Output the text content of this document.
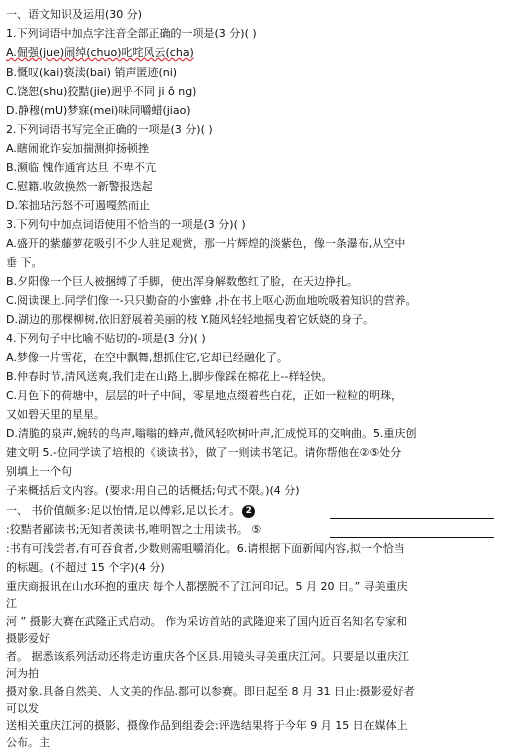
一、语文知识及运用(30 分)
1.下列词语中加点字注音全部正确的一项是(3 分)( )
A.倔强(jue)闹绰(chuo)叱咤风云(cha)
B.慨叹(kai)亵渎(bai) 销声匿迹(ni)
C.饶恕(shu)狡黠(jie)迥乎不同 ji ǒ ng)
D.静穆(mU)梦寐(mei)味同嚼蜡(jiao)
2.下列词语书写完全正确的一项是(3 分)( )
A.瞎闹讹诈妄加揣测抑扬顿挫
B.濒临 愧作通宵达旦 不卑不亢
C.慰籍.收敛换然一新警报迭起
D.笨拙玷污怒不可遏嘎然而止
3.下列句中加点词语使用不恰当的一项是(3 分)( )
A.盛开的紫藤萝花吸引不少人驻足观赏，那一片辉煌的淡紫色，像一条瀑布,从空中
垂 下。
B.夕阳像一个巨人被捆缚了手脚，使出浑身解数憋红了脸，在天边挣扎。
C.阅读课上.同学们像一-只只勤奋的小蜜蜂 ,扑在书上呕心沥血地吮吸着知识的营养。
D.湖边的那棵柳树,依旧舒展着美丽的枝 Y.随风轻轻地摇曳着它妖娆的身子。
4.下列句子中比喻不贴切的-项是(3 分)( )
A.梦像一片雪花，在空中飘舞,想抓住它,它却已经融化了。
B.仲春时节,清风送爽,我们走在山路上,脚步像踩在棉花上--样轻快。
C.月色下的荷塘中，层层的叶子中间，零星地点缀着些白花，正如一粒粒的明珠，
又如碧天里的星星。
D.清脆的泉声,婉转的鸟声,嗡嗡的蜂声,微风轻吹树叶声,汇成悦耳的交响曲。5.重庆创
建文明 5.-位同学读了培根的《谈读书》，做了一则读书笔记。请你帮他在②⑤处分
别填上一个句
子来概括后文内容。(要求:用自己的话概括;句式不限。)(4 分)
一、 书价值颇多:足以怡情,足以傅彩,足以长才。 2
:狡黠者鄙读书;无知者羡读书,唯明智之士用读书。 ⑤
:书有可浅尝者,有可吞食者,少数则需咀嚼消化。6.请根据下面新闻内容,拟一个恰当
的标题。(不超过 15 个字)(4 分)
重庆商报讯在山水环抱的重庆 每个人都摆脱不了江河印记。5 月 20 日。” 寻美重庆
江
河 ” 摄影大赛在武隆正式启动。 作为采访首站的武隆迎来了国内近百名知名专家和
摄影爱好
者。 据悉该系列活动还将走访重庆各个区县.用镜头寻美重庆江河。只要是以重庆江
河为拍
摄对象.具备自然美、人文美的作品.都可以参赛。即日起至 8 月 31 日止:摄影爱好者
可以发
送相关重庆江河的摄影、摄像作品到组委会:评选结果将于今年 9 月 15 日在媒体上
公布。主
